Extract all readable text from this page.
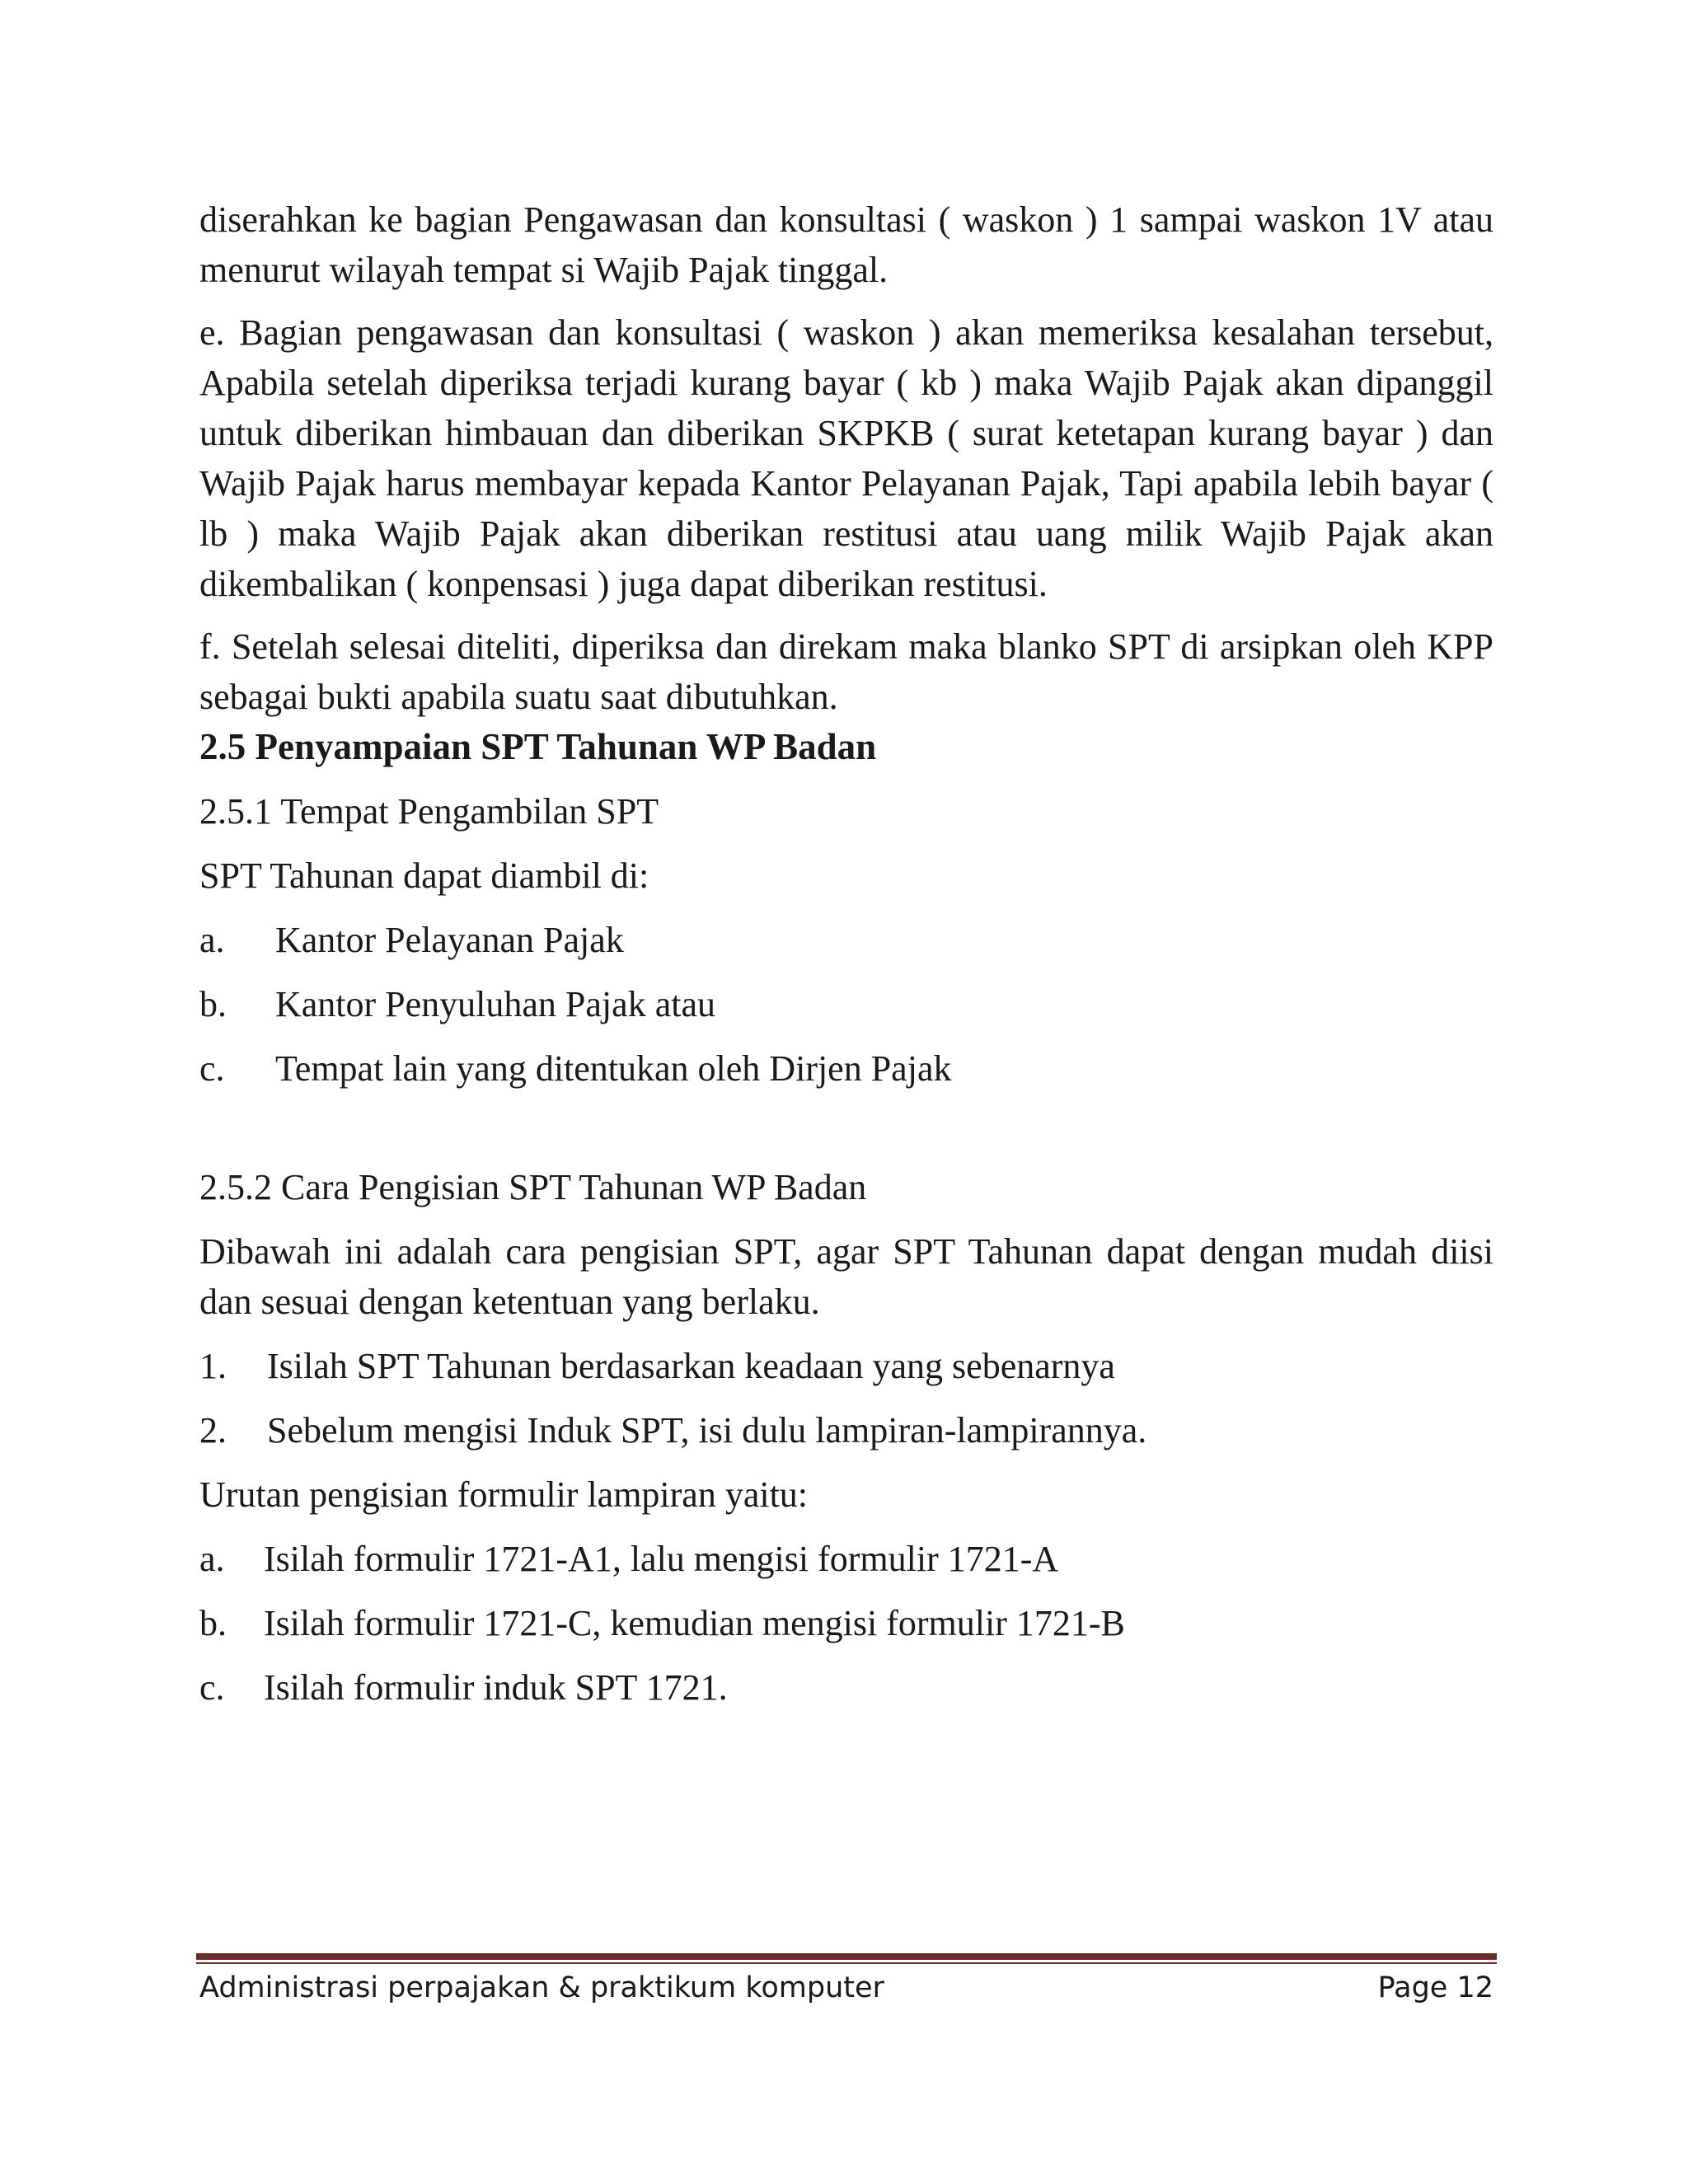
diserahkan ke bagian Pengawasan dan konsultasi ( waskon ) 1 sampai waskon 1V atau menurut wilayah tempat si Wajib Pajak tinggal.

e. Bagian pengawasan dan konsultasi ( waskon ) akan memeriksa kesalahan tersebut, Apabila setelah diperiksa terjadi kurang bayar ( kb ) maka Wajib Pajak akan dipanggil untuk diberikan himbauan dan diberikan SKPKB ( surat ketetapan kurang bayar ) dan Wajib Pajak harus membayar kepada Kantor Pelayanan Pajak, Tapi apabila lebih bayar ( lb ) maka Wajib Pajak akan diberikan restitusi atau uang milik Wajib Pajak akan dikembalikan ( konpensasi ) juga dapat diberikan restitusi.

f. Setelah selesai diteliti, diperiksa dan direkam maka blanko SPT di arsipkan oleh KPP sebagai bukti apabila suatu saat dibutuhkan.

2.5 Penyampaian SPT Tahunan WP Badan

2.5.1 Tempat Pengambilan SPT

SPT Tahunan dapat diambil di:

a.	Kantor Pelayanan Pajak
b.	Kantor Penyuluhan Pajak atau
c.	Tempat lain yang ditentukan oleh Dirjen Pajak

2.5.2 Cara Pengisian SPT Tahunan WP Badan

Dibawah ini adalah cara pengisian SPT, agar SPT Tahunan dapat dengan mudah diisi dan sesuai dengan ketentuan yang berlaku.

1.	Isilah SPT Tahunan berdasarkan keadaan yang sebenarnya
2.	Sebelum mengisi Induk SPT, isi dulu lampiran-lampirannya.

Urutan pengisian formulir lampiran yaitu:

a.	Isilah formulir 1721-A1, lalu mengisi formulir 1721-A
b.	Isilah formulir 1721-C, kemudian mengisi formulir 1721-B
c.	Isilah formulir induk SPT 1721.
Administrasi perpajakan & praktikum komputer	Page 12
